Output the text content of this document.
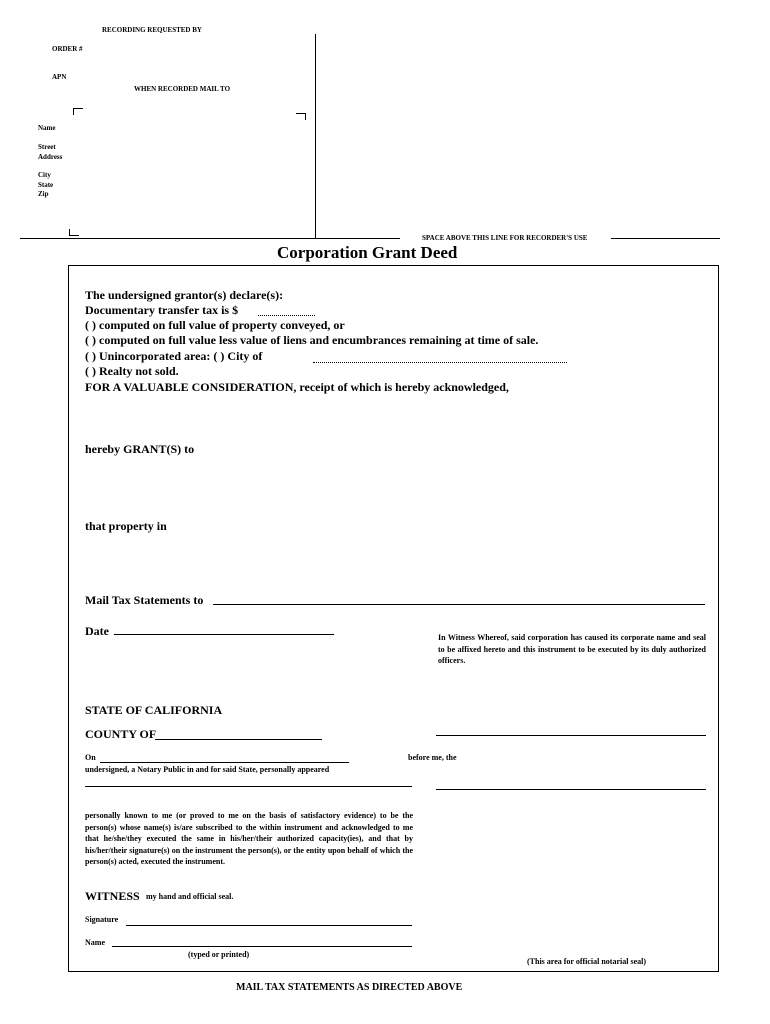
RECORDING REQUESTED BY
ORDER #
APN
WHEN RECORDED MAIL TO
Name
Street
Address
City
State
Zip
SPACE ABOVE THIS LINE FOR RECORDER'S USE
Corporation Grant Deed
The undersigned grantor(s) declare(s):
Documentary transfer tax is $
( ) computed on full value of property conveyed, or
( ) computed on full value less value of liens and encumbrances remaining at time of sale.
( ) Unincorporated area: ( ) City of
( ) Realty not sold.
FOR A VALUABLE CONSIDERATION, receipt of which is hereby acknowledged,
hereby GRANT(S) to
that property in
Mail Tax Statements to
Date	In Witness Whereof, said corporation has caused its corporate name and seal to be affixed hereto and this instrument to be executed by its duly authorized officers.
STATE OF CALIFORNIA
COUNTY OF
On	before me, the
undersigned, a Notary Public in and for said State, personally appeared
personally known to me (or proved to me on the basis of satisfactory evidence) to be the person(s) whose name(s) is/are subscribed to the within instrument and acknowledged to me that he/she/they executed the same in his/her/their authorized capacity(ies), and that by his/her/their signature(s) on the instrument the person(s), or the entity upon behalf of which the person(s) acted, executed the instrument.
WITNESS my hand and official seal.
Signature
Name
(typed or printed)
(This area for official notarial seal)
MAIL TAX STATEMENTS AS DIRECTED ABOVE
